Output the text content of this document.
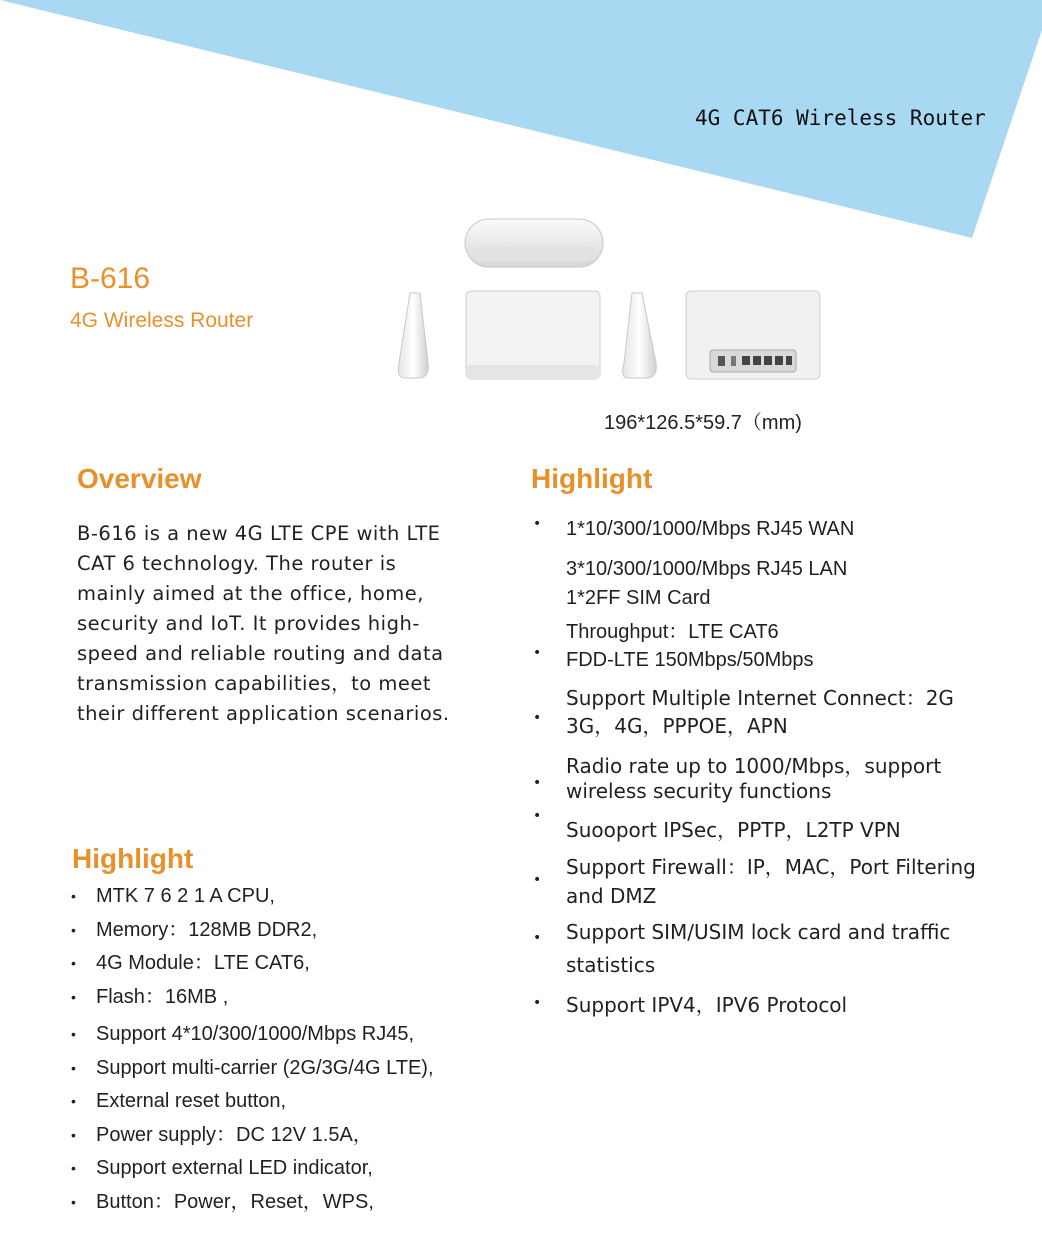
4G CAT6 Wireless Router
B-616
4G Wireless Router
196*126.5*59.7（mm)
Overview
B-616 is a new 4G LTE CPE with LTE
CAT 6 technology. The router is
mainly aimed at the office, home,
security and IoT. It provides high-
speed and reliable routing and data
transmission capabilities，to meet
their different application scenarios.
Highlight
• MTK 7 6 2 1 A CPU,
• Memory：128MB DDR2,
• 4G Module：LTE CAT6,
• Flash：16MB ,
• Support 4*10/300/1000/Mbps RJ45,
• Support multi-carrier (2G/3G/4G LTE),
• External reset button,
• Power supply：DC 12V 1.5A，
• Support external LED indicator,
• Button：Power，Reset，WPS,
Highlight
•
•
•
•
•
•
•
•
1*10/300/1000/Mbps RJ45 WAN
3*10/300/1000/Mbps RJ45 LAN
1*2FF SIM Card
Throughput：LTE CAT6
FDD-LTE 150Mbps/50Mbps
Support Multiple Internet Connect：2G
3G，4G，PPPOE，APN
Radio rate up to 1000/Mbps，support
wireless security functions
Suooport IPSec，PPTP，L2TP VPN
Support Firewall：IP，MAC，Port Filtering
and DMZ
Support SIM/USIM lock card and traffic
statistics
Support IPV4，IPV6 Protocol
